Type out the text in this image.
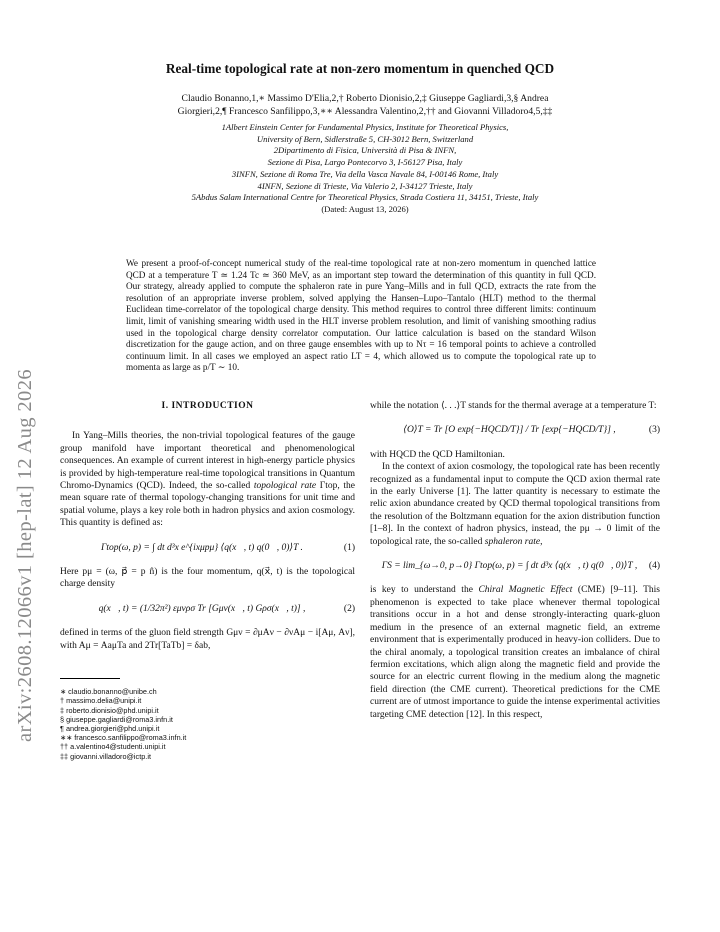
arXiv:2608.12066v1 [hep-lat] 12 Aug 2026
Real-time topological rate at non-zero momentum in quenched QCD
Claudio Bonanno,1,∗ Massimo D'Elia,2,† Roberto Dionisio,2,‡ Giuseppe Gagliardi,3,§ Andrea
Giorgieri,2,¶ Francesco Sanfilippo,3,∗∗ Alessandra Valentino,2,†† and Giovanni Villadoro4,5,‡‡
1Albert Einstein Center for Fundamental Physics, Institute for Theoretical Physics,
University of Bern, Sidlerstraße 5, CH-3012 Bern, Switzerland
2Dipartimento di Fisica, Università di Pisa & INFN,
Sezione di Pisa, Largo Pontecorvo 3, I-56127 Pisa, Italy
3INFN, Sezione di Roma Tre, Via della Vasca Navale 84, I-00146 Rome, Italy
4INFN, Sezione di Trieste, Via Valerio 2, I-34127 Trieste, Italy
5Abdus Salam International Centre for Theoretical Physics, Strada Costiera 11, 34151, Trieste, Italy
(Dated: August 13, 2026)
We present a proof-of-concept numerical study of the real-time topological rate at non-zero momentum in quenched lattice QCD at a temperature T ≃ 1.24 Tc ≃ 360 MeV, as an important step toward the determination of this quantity in full QCD. Our strategy, already applied to compute the sphaleron rate in pure Yang–Mills and in full QCD, extracts the rate from the resolution of an appropriate inverse problem, solved applying the Hansen–Lupo–Tantalo (HLT) method to the thermal Euclidean time-correlator of the topological charge density. This method requires to control three different limits: continuum limit, limit of vanishing smearing width used in the HLT inverse problem resolution, and limit of vanishing smoothing radius used in the topological charge density correlator computation. Our lattice calculation is based on the standard Wilson discretization for the gauge action, and on three gauge ensembles with up to Nτ = 16 temporal points to achieve a controlled continuum limit. In all cases we employed an aspect ratio LT = 4, which allowed us to compute the topological rate up to momenta as large as p/T ∼ 10.
I. INTRODUCTION

In Yang–Mills theories, the non-trivial topological features of the gauge group manifold have important theoretical and phenomenological consequences. An example of current interest in high-energy particle physics is provided by high-temperature real-time topological transitions in Quantum Chromo-Dynamics (QCD). Indeed, the so-called topological rate Γtop, the mean square rate of thermal topology-changing transitions for unit time and spatial volume, plays a key role both in hadron physics and axion cosmology. This quantity is defined as:

Γtop(ω, p) = ∫ dt d³x e^{ixμpμ} ⟨q(x⃗, t) q(0⃗, 0)⟩T .	(1)

Here pμ = (ω, p⃗ = p n̂) is the four momentum, q(x⃗, t) is the topological charge density

q(x⃗, t) = (1/32π²) εμνρσ Tr [Gμν(x⃗, t) Gρσ(x⃗, t)] ,	(2)

defined in terms of the gluon field strength Gμν = ∂μAν − ∂νAμ − i[Aμ, Aν], with Aμ = AaμTa and 2Tr[TaTb] = δab,

∗ claudio.bonanno@unibe.ch
† massimo.delia@unipi.it
‡ roberto.dionisio@phd.unipi.it
§ giuseppe.gagliardi@roma3.infn.it
¶ andrea.giorgieri@phd.unipi.it
∗∗ francesco.sanfilippo@roma3.infn.it
†† a.valentino4@studenti.unipi.it
‡‡ giovanni.villadoro@ictp.it

while the notation ⟨. . .⟩T stands for the thermal average at a temperature T:

⟨O⟩T = Tr [O exp{−HQCD/T}] / Tr [exp{−HQCD/T}] ,	(3)

with HQCD the QCD Hamiltonian.

In the context of axion cosmology, the topological rate has been recently recognized as a fundamental input to compute the QCD axion thermal rate in the early Universe [1]. The latter quantity is necessary to estimate the relic axion abundance created by QCD thermal topological transitions from the resolution of the Boltzmann equation for the axion distribution function [1–8]. In the context of hadron physics, instead, the pμ → 0 limit of the topological rate, the so-called sphaleron rate,

ΓS = lim_{ω→0, p→0} Γtop(ω, p) = ∫ dt d³x ⟨q(x⃗, t) q(0⃗, 0)⟩T ,	(4)

is key to understand the Chiral Magnetic Effect (CME) [9–11]. This phenomenon is expected to take place whenever thermal topological transitions occur in a hot and dense strongly-interacting quark-gluon medium in the presence of an external magnetic field, an extreme environment that is experimentally produced in heavy-ion colliders. Due to the chiral anomaly, a topological transition creates an imbalance of chiral fermion excitations, which align along the magnetic field and provide the source for an electric current flowing in the medium along the magnetic field direction (the CME current). Theoretical predictions for the CME current are of utmost importance to guide the intense experimental activities targeting CME detection [12]. In this respect,
